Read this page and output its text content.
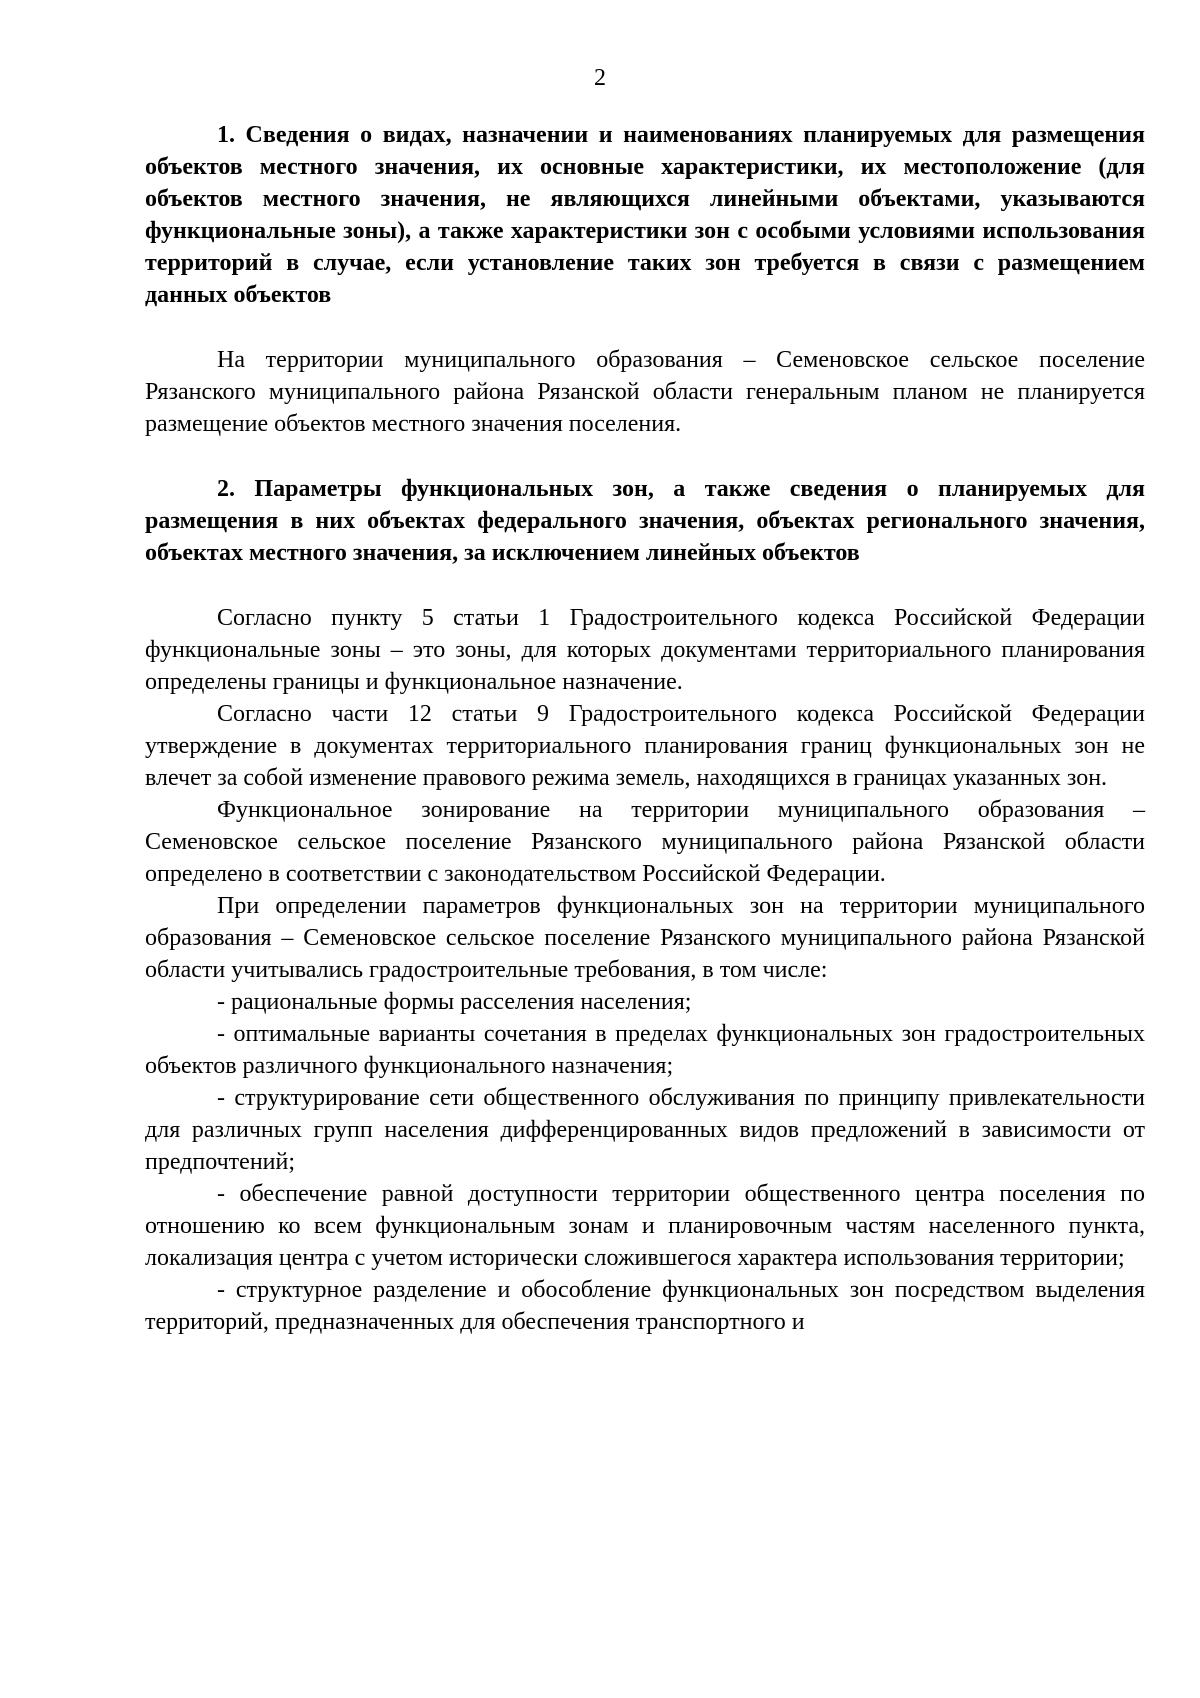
2

1. Сведения о видах, назначении и наименованиях планируемых для размещения объектов местного значения, их основные характеристики, их местоположение (для объектов местного значения, не являющихся линейными объектами, указываются функциональные зоны), а также характеристики зон с особыми условиями использования территорий в случае, если установление таких зон требуется в связи с размещением данных объектов

На территории муниципального образования – Семеновское сельское поселение Рязанского муниципального района Рязанской области генеральным планом не планируется размещение объектов местного значения поселения.

2. Параметры функциональных зон, а также сведения о планируемых для размещения в них объектах федерального значения, объектах регионального значения, объектах местного значения, за исключением линейных объектов

Согласно пункту 5 статьи 1 Градостроительного кодекса Российской Федерации функциональные зоны – это зоны, для которых документами территориального планирования определены границы и функциональное назначение.

Согласно части 12 статьи 9 Градостроительного кодекса Российской Федерации утверждение в документах территориального планирования границ функциональных зон не влечет за собой изменение правового режима земель, находящихся в границах указанных зон.

Функциональное зонирование на территории муниципального образования – Семеновское сельское поселение Рязанского муниципального района Рязанской области определено в соответствии с законодательством Российской Федерации.

При определении параметров функциональных зон на территории муниципального образования – Семеновское сельское поселение Рязанского муниципального района Рязанской области учитывались градостроительные требования, в том числе:

- рациональные формы расселения населения;

- оптимальные варианты сочетания в пределах функциональных зон градостроительных объектов различного функционального назначения;

- структурирование сети общественного обслуживания по принципу привлекательности для различных групп населения дифференцированных видов предложений в зависимости от предпочтений;

- обеспечение равной доступности территории общественного центра поселения по отношению ко всем функциональным зонам и планировочным частям населенного пункта, локализация центра с учетом исторически сложившегося характера использования территории;

- структурное разделение и обособление функциональных зон посредством выделения территорий, предназначенных для обеспечения транспортного и
